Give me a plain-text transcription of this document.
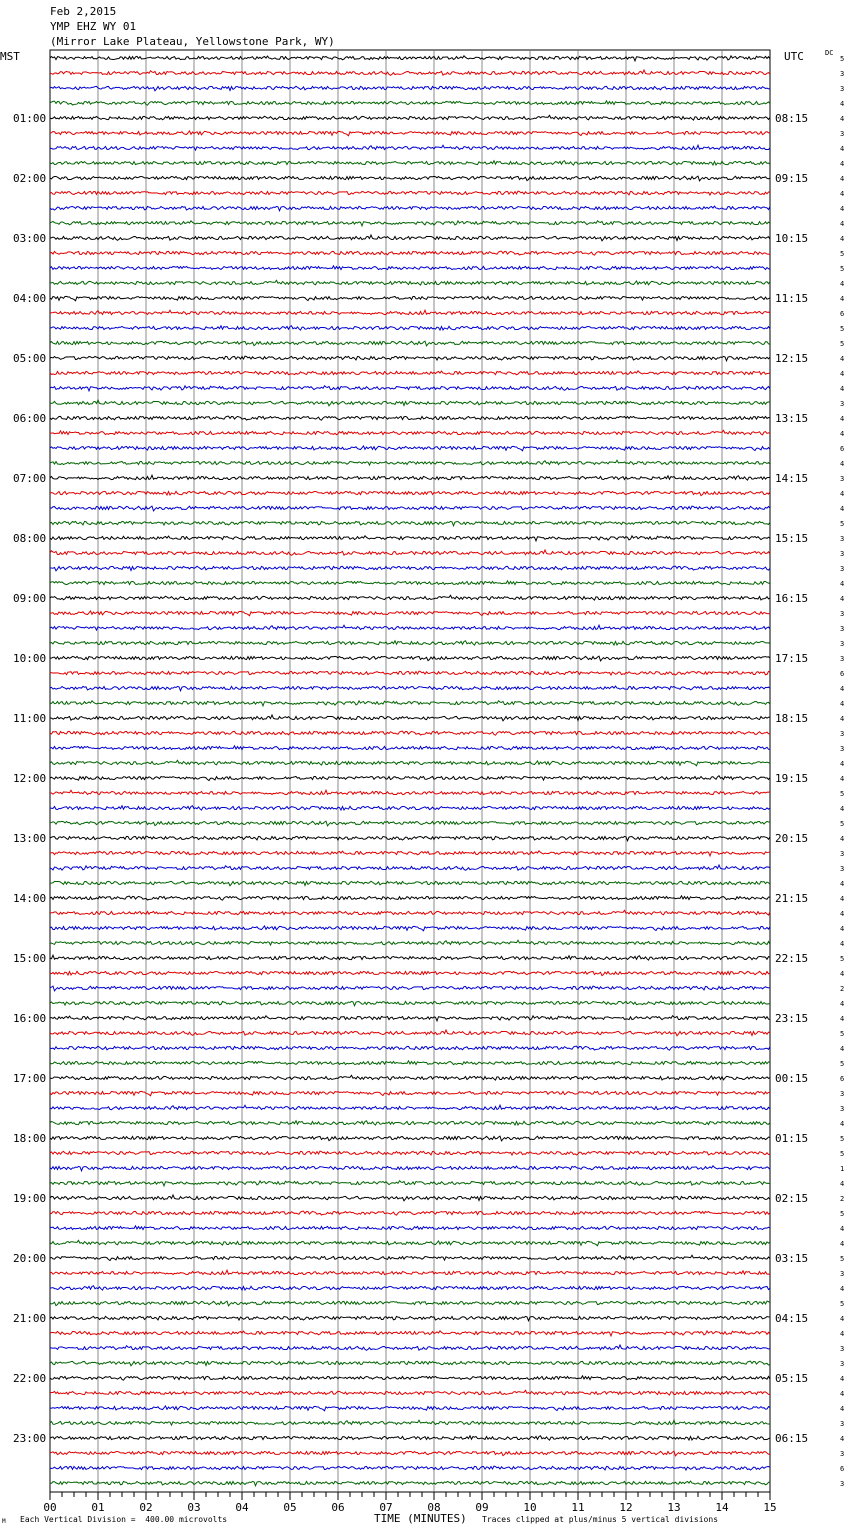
Feb 2,2015
YMP EHZ WY 01
(Mirror Lake Plateau, Yellowstone Park, WY)
MST	UTC	DC
5
3
3
4
4
3
4
4
4
4
4
4
4
5
5
4
4
6
5
5
4
4
4
3
4
4
6
4
3
4
4
5
3
3
3
4
4
3
3
3
3
6
4
4
4
3
3
4
4
5
4
5
4
3
3
4
4
4
4
4
5
4
2
4
4
5
4
5
6
3
3
4
5
5
1
4
2
5
4
4
5
3
4
5
4
4
3
3
4
4
4
3
4
3
6
3
01:00
02:00
03:00
04:00
05:00
06:00
07:00
08:00
09:00
10:00
11:00
12:00
13:00
14:00
15:00
16:00
17:00
18:00
19:00
20:00
21:00
22:00
23:00
08:15
09:15
10:15
11:15
12:15
13:15
14:15
15:15
16:15
17:15
18:15
19:15
20:15
21:15
22:15
23:15
00:15
01:15
02:15
03:15
04:15
05:15
06:15
00	01	02	03	04	05	06	07	08	09	10	11	12	13	14	15
TIME (MINUTES)
Each Vertical Division =  400.00 microvolts	Traces clipped at plus/minus 5 vertical divisions
M
